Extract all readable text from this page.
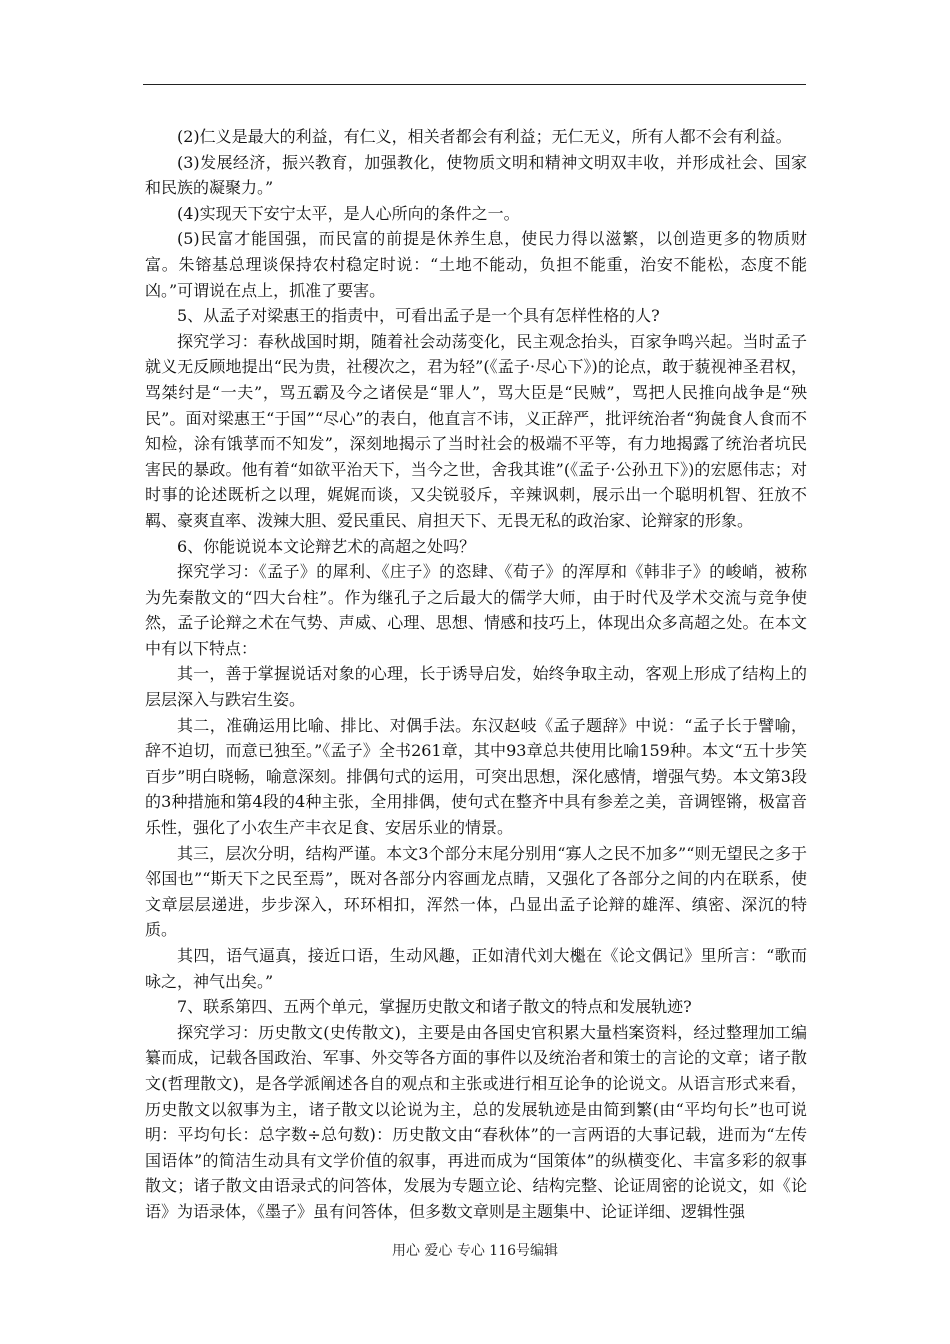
(2)仁义是最大的利益，有仁义，相关者都会有利益；无仁无义，所有人都不会有利益。

(3)发展经济，振兴教育，加强教化，使物质文明和精神文明双丰收，并形成社会、国家和民族的凝聚力。”

(4)实现天下安宁太平，是人心所向的条件之一。

(5)民富才能国强，而民富的前提是休养生息，使民力得以滋繁，以创造更多的物质财富。朱镕基总理谈保持农村稳定时说：“土地不能动，负担不能重，治安不能松，态度不能凶。”可谓说在点上，抓准了要害。

5、从孟子对梁惠王的指责中，可看出孟子是一个具有怎样性格的人?

探究学习：春秋战国时期，随着社会动荡变化，民主观念抬头，百家争鸣兴起。当时孟子就义无反顾地提出“民为贵，社稷次之，君为轻”(《孟子·尽心下》)的论点，敢于藐视神圣君权，骂桀纣是“一夫”，骂五霸及今之诸侯是“罪人”，骂大臣是“民贼”，骂把人民推向战争是“殃民”。面对梁惠王“于国”“尽心”的表白，他直言不讳，义正辞严，批评统治者“狗彘食人食而不知检，涂有饿莩而不知发”，深刻地揭示了当时社会的极端不平等，有力地揭露了统治者坑民害民的暴政。他有着“如欲平治天下，当今之世，舍我其谁”(《孟子·公孙丑下》)的宏愿伟志；对时事的论述既析之以理，娓娓而谈，又尖锐驳斥，辛辣讽刺，展示出一个聪明机智、狂放不羁、豪爽直率、泼辣大胆、爱民重民、肩担天下、无畏无私的政治家、论辩家的形象。

6、你能说说本文论辩艺术的高超之处吗？

探究学习：《孟子》的犀利、《庄子》的恣肆、《荀子》的浑厚和《韩非子》的峻峭，被称为先秦散文的“四大台柱”。作为继孔子之后最大的儒学大师，由于时代及学术交流与竞争使然，孟子论辩之术在气势、声威、心理、思想、情感和技巧上，体现出众多高超之处。在本文中有以下特点：

其一，善于掌握说话对象的心理，长于诱导启发，始终争取主动，客观上形成了结构上的层层深入与跌宕生姿。

其二，准确运用比喻、排比、对偶手法。东汉赵岐《孟子题辞》中说：“孟子长于譬喻，辞不迫切，而意已独至。”《孟子》全书261章，其中93章总共使用比喻159种。本文“五十步笑百步”明白晓畅，喻意深刻。排偶句式的运用，可突出思想，深化感情，增强气势。本文第3段的3种措施和第4段的4种主张，全用排偶，使句式在整齐中具有参差之美，音调铿锵，极富音乐性，强化了小农生产丰衣足食、安居乐业的情景。

其三，层次分明，结构严谨。本文3个部分末尾分别用“寡人之民不加多”“则无望民之多于邻国也”“斯天下之民至焉”，既对各部分内容画龙点睛，又强化了各部分之间的内在联系，使文章层层递进，步步深入，环环相扣，浑然一体，凸显出孟子论辩的雄浑、缜密、深沉的特质。

其四，语气逼真，接近口语，生动风趣，正如清代刘大櫆在《论文偶记》里所言：“歌而咏之，神气出矣。”

7、联系第四、五两个单元，掌握历史散文和诸子散文的特点和发展轨迹?

探究学习：历史散文(史传散文)，主要是由各国史官积累大量档案资料，经过整理加工编纂而成，记载各国政治、军事、外交等各方面的事件以及统治者和策士的言论的文章；诸子散文(哲理散文)，是各学派阐述各自的观点和主张或进行相互论争的论说文。从语言形式来看，历史散文以叙事为主，诸子散文以论说为主，总的发展轨迹是由简到繁(由“平均句长”也可说明：平均句长：总字数÷总句数)：历史散文由“春秋体”的一言两语的大事记载，进而为“左传国语体”的简洁生动具有文学价值的叙事，再进而成为“国策体”的纵横变化、丰富多彩的叙事散文；诸子散文由语录式的问答体，发展为专题立论、结构完整、论证周密的论说文，如《论语》为语录体，《墨子》虽有问答体，但多数文章则是主题集中、论证详细、逻辑性强

用心 爱心 专心 116号编辑
